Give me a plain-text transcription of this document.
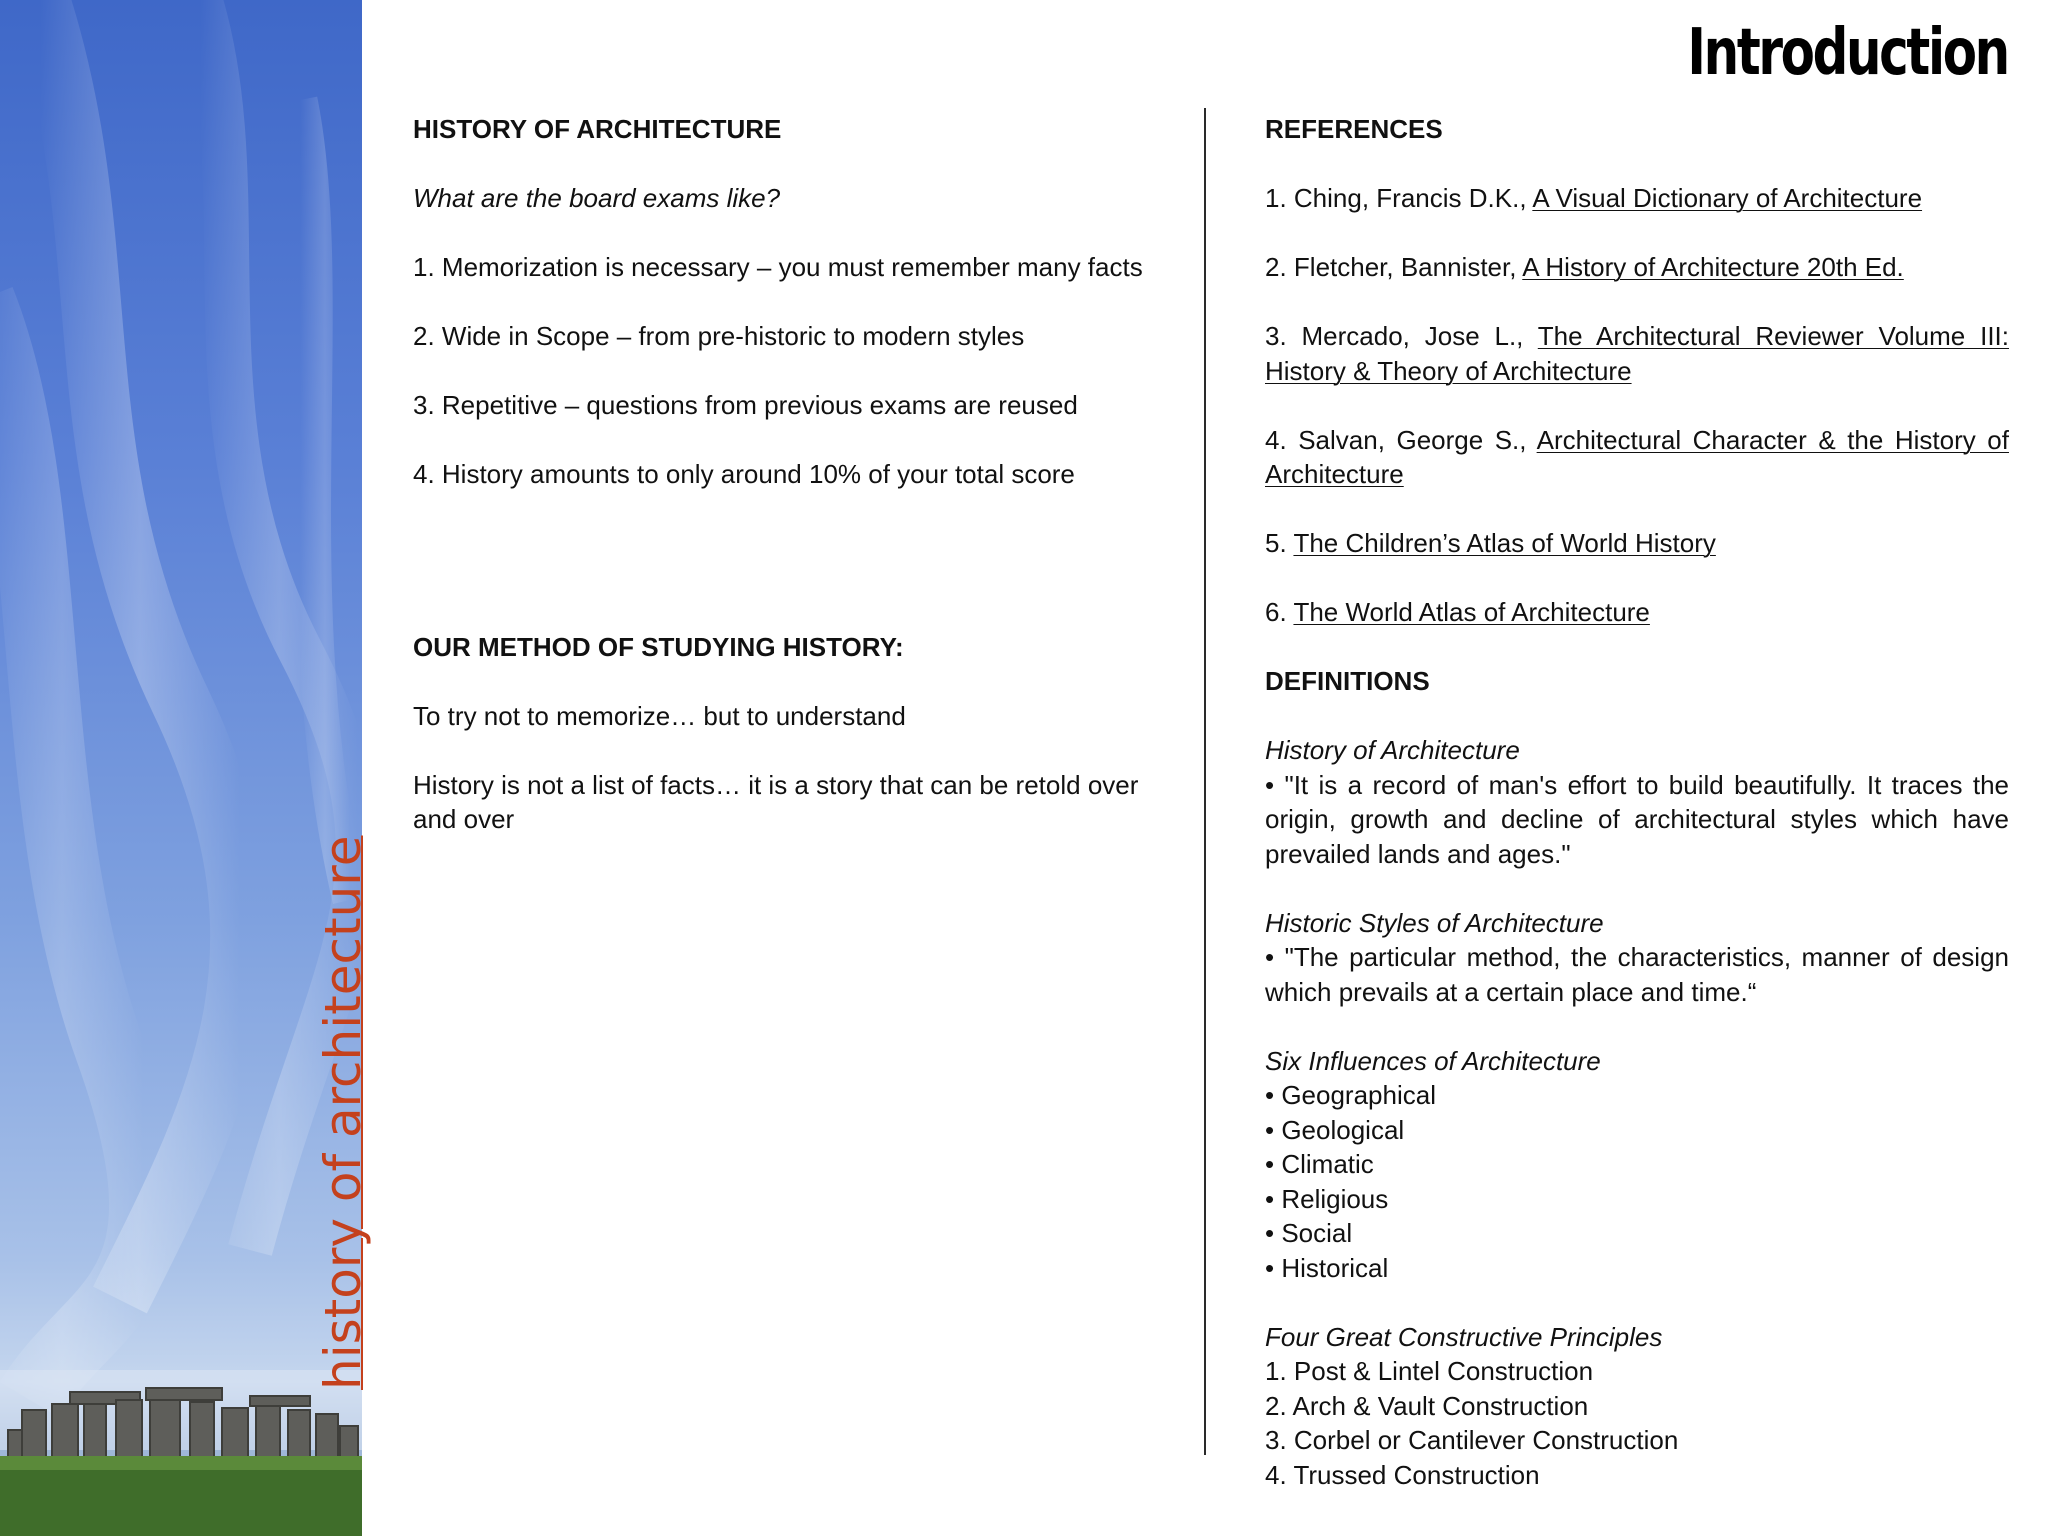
history of architecture
Introduction

HISTORY OF ARCHITECTURE

What are the board exams like?

1. Memorization is necessary – you must remember many facts

2. Wide in Scope – from pre-historic to modern styles

3. Repetitive – questions from previous exams are reused

4. History amounts to only around 10% of your total score

OUR METHOD OF STUDYING HISTORY:

To try not to memorize… but to understand

History is not a list of facts… it is a story that can be retold over and over

REFERENCES

1. Ching, Francis D.K., A Visual Dictionary of Architecture

2. Fletcher, Bannister, A History of Architecture 20th Ed.

3. Mercado, Jose L., The Architectural Reviewer Volume III: History & Theory of Architecture

4. Salvan, George S., Architectural Character & the History of Architecture

5. The Children’s Atlas of World History

6. The World Atlas of Architecture

DEFINITIONS

History of Architecture

• "It is a record of man's effort to build beautifully. It traces the origin, growth and decline of architectural styles which have prevailed lands and ages."

Historic Styles of Architecture

• "The particular method, the characteristics, manner of design which prevails at a certain place and time.“

Six Influences of Architecture

• Geographical

• Geological

• Climatic

• Religious

• Social

• Historical

Four Great Constructive Principles

1. Post & Lintel Construction

2. Arch & Vault Construction

3. Corbel or Cantilever Construction

4. Trussed Construction
